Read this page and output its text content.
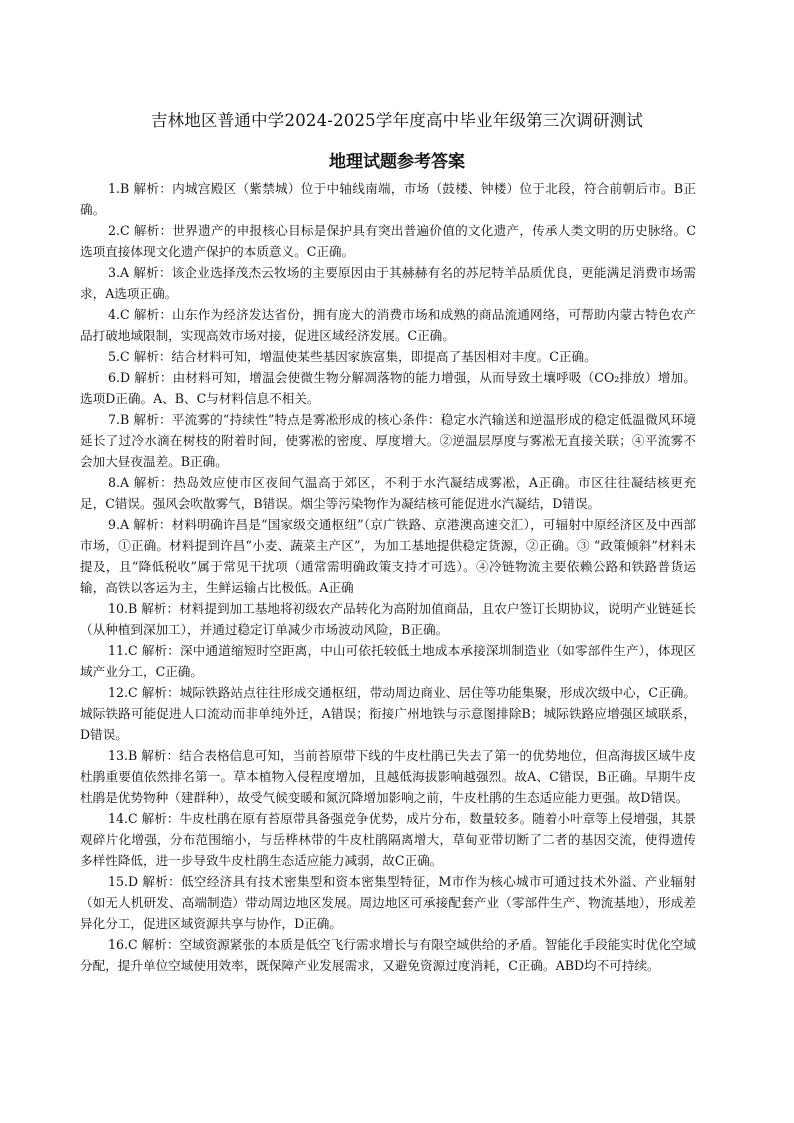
吉林地区普通中学2024-2025学年度高中毕业年级第三次调研测试
地理试题参考答案

1.B 解析：内城宫殿区（紫禁城）位于中轴线南端，市场（鼓楼、钟楼）位于北段，符合前朝后市。B正确。

2.C 解析：世界遗产的申报核心目标是保护具有突出普遍价值的文化遗产，传承人类文明的历史脉络。C选项直接体现文化遗产保护的本质意义。C正确。

3.A 解析：该企业选择茂杰云牧场的主要原因由于其赫赫有名的苏尼特羊品质优良，更能满足消费市场需求，A选项正确。

4.C 解析：山东作为经济发达省份，拥有庞大的消费市场和成熟的商品流通网络，可帮助内蒙古特色农产品打破地域限制，实现高效市场对接，促进区域经济发展。C正确。

5.C 解析：结合材料可知，增温使某些基因家族富集，即提高了基因相对丰度。C正确。

6.D 解析：由材料可知，增温会使微生物分解凋落物的能力增强，从而导致土壤呼吸（CO₂排放）增加。选项D正确。A、B、C与材料信息不相关。

7.B 解析：平流雾的“持续性”特点是雾凇形成的核心条件：稳定水汽输送和逆温形成的稳定低温微风环境延长了过冷水滴在树枝的附着时间，使雾凇的密度、厚度增大。②逆温层厚度与雾凇无直接关联；④平流雾不会加大昼夜温差。B正确。

8.A 解析：热岛效应使市区夜间气温高于郊区，不利于水汽凝结成雾凇，A正确。市区往往凝结核更充足，C错误。强风会吹散雾气，B错误。烟尘等污染物作为凝结核可能促进水汽凝结，D错误。

9.A 解析：材料明确许昌是“国家级交通枢纽”（京广铁路、京港澳高速交汇），可辐射中原经济区及中西部市场，①正确。材料提到许昌“小麦、蔬菜主产区”，为加工基地提供稳定货源，②正确。③ “政策倾斜”材料未提及，且“降低税收”属于常见干扰项（通常需明确政策支持才可选）。④冷链物流主要依赖公路和铁路普货运输，高铁以客运为主，生鲜运输占比极低。A正确

10.B 解析：材料提到加工基地将初级农产品转化为高附加值商品，且农户签订长期协议，说明产业链延长（从种植到深加工），并通过稳定订单减少市场波动风险，B正确。

11.C 解析：深中通道缩短时空距离，中山可依托较低土地成本承接深圳制造业（如零部件生产），体现区域产业分工，C正确。

12.C 解析：城际铁路站点往往形成交通枢纽，带动周边商业、居住等功能集聚，形成次级中心，C正确。城际铁路可能促进人口流动而非单纯外迁，A错误；衔接广州地铁与示意图排除B；城际铁路应增强区域联系，D错误。

13.B 解析：结合表格信息可知，当前苔原带下线的牛皮杜鹃已失去了第一的优势地位，但高海拔区域牛皮杜鹃重要值依然排名第一。草本植物入侵程度增加，且越低海拔影响越强烈。故A、C错误，B正确。早期牛皮杜鹃是优势物种（建群种），故受气候变暖和氮沉降增加影响之前，牛皮杜鹃的生态适应能力更强。故D错误。

14.C 解析：牛皮杜鹃在原有苔原带具备强竞争优势，成片分布，数量较多。随着小叶章等上侵增强，其景观碎片化增强，分布范围缩小，与岳桦林带的牛皮杜鹃隔离增大，草甸亚带切断了二者的基因交流，使得遗传多样性降低，进一步导致牛皮杜鹃生态适应能力减弱，故C正确。

15.D 解析：低空经济具有技术密集型和资本密集型特征，M市作为核心城市可通过技术外溢、产业辐射（如无人机研发、高端制造）带动周边地区发展。周边地区可承接配套产业（零部件生产、物流基地），形成差异化分工，促进区域资源共享与协作，D正确。

16.C 解析：空域资源紧张的本质是低空飞行需求增长与有限空域供给的矛盾。智能化手段能实时优化空域分配，提升单位空域使用效率，既保障产业发展需求，又避免资源过度消耗，C正确。ABD均不可持续。
